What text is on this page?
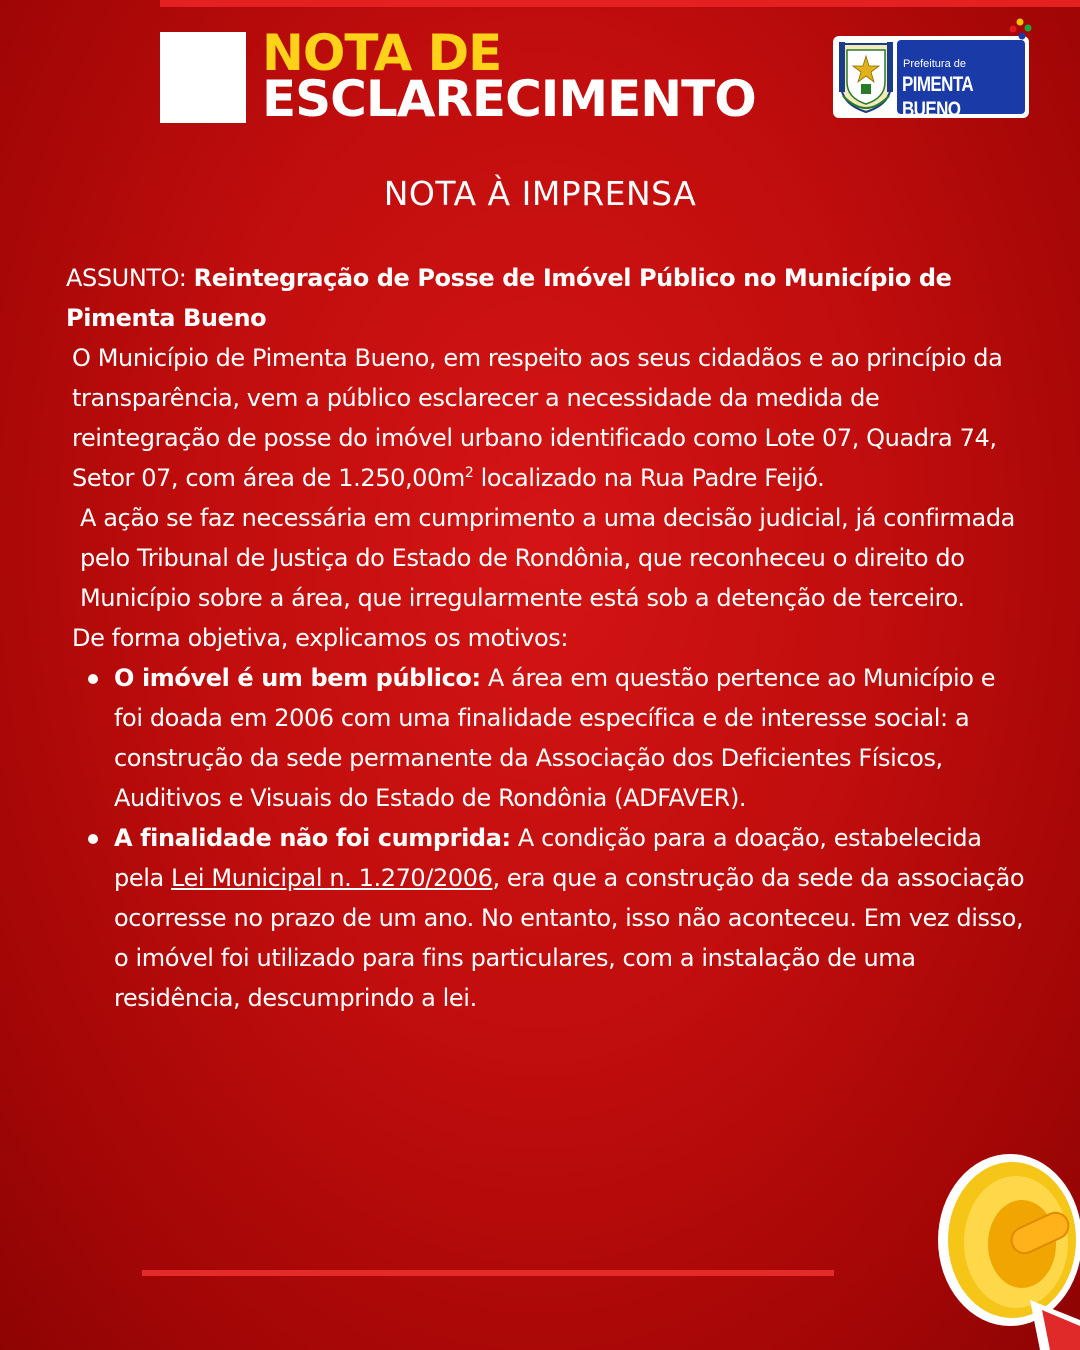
NOTA DE
ESCLARECIMENTO
Prefeitura de
PIMENTA BUENO
NOTA À IMPRENSA

ASSUNTO: Reintegração de Posse de Imóvel Público no Município de Pimenta Bueno

O Município de Pimenta Bueno, em respeito aos seus cidadãos e ao princípio da transparência, vem a público esclarecer a necessidade da medida de reintegração de posse do imóvel urbano identificado como Lote 07, Quadra 74, Setor 07, com área de $1.250,00m^2$ localizado na Rua Padre Feijó.

A ação se faz necessária em cumprimento a uma decisão judicial, já confirmada pelo Tribunal de Justiça do Estado de Rondônia, que reconheceu o direito do Município sobre a área, que irregularmente está sob a detenção de terceiro.

De forma objetiva, explicamos os motivos:

O imóvel é um bem público: A área em questão pertence ao Município e foi doada em 2006 com uma finalidade específica e de interesse social: a construção da sede permanente da Associação dos Deficientes Físicos, Auditivos e Visuais do Estado de Rondônia (ADFAVER).
A finalidade não foi cumprida: A condição para a doação, estabelecida pela Lei Municipal n. 1.270/2006, era que a construção da sede da associação ocorresse no prazo de um ano. No entanto, isso não aconteceu. Em vez disso, o imóvel foi utilizado para fins particulares, com a instalação de uma residência, descumprindo a lei.
